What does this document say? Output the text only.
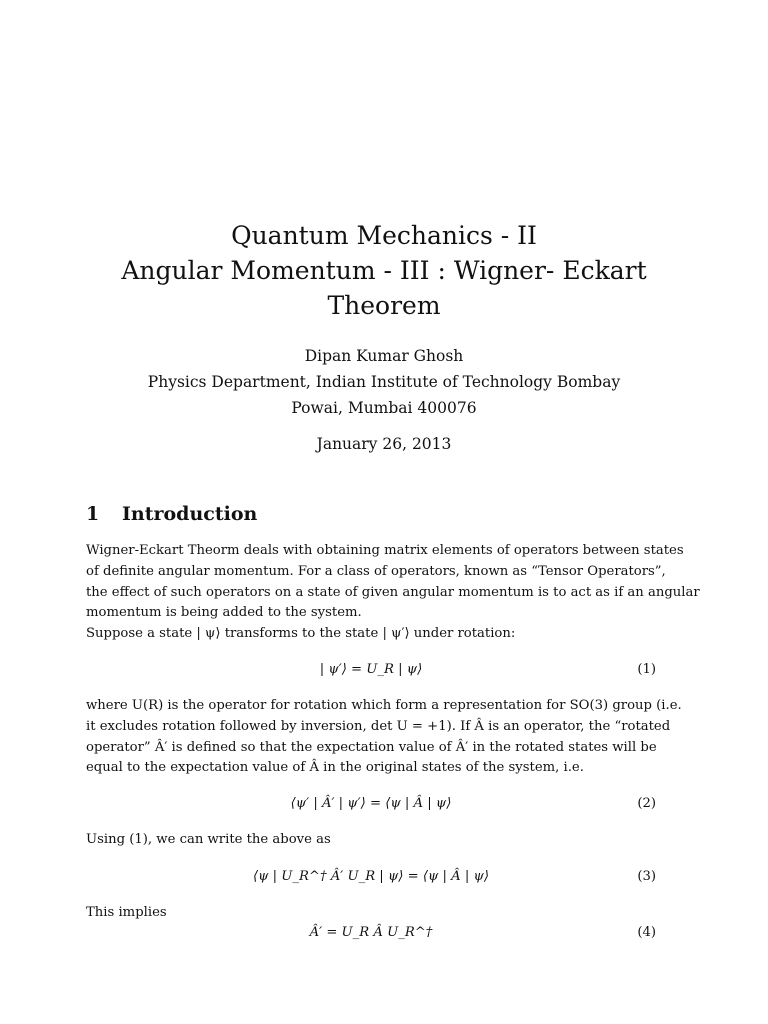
Quantum Mechanics - II
Angular Momentum - III : Wigner- Eckart
Theorem
Dipan Kumar Ghosh
Physics Department, Indian Institute of Technology Bombay
Powai, Mumbai 400076
January 26, 2013
1 Introduction
Wigner-Eckart Theorm deals with obtaining matrix elements of operators between states
of definite angular momentum. For a class of operators, known as “Tensor Operators”,
the effect of such operators on a state of given angular momentum is to act as if an angular
momentum is being added to the system.
Suppose a state | ψ⟩ transforms to the state | ψ′⟩ under rotation:
| ψ′⟩ = U_R | ψ⟩	(1)
where U(R) is the operator for rotation which form a representation for SO(3) group (i.e.
it excludes rotation followed by inversion, det U = +1). If Â is an operator, the “rotated
operator” Â′ is defined so that the expectation value of Â′ in the rotated states will be
equal to the expectation value of Â in the original states of the system, i.e.
⟨ψ′ | Â′ | ψ′⟩ = ⟨ψ | Â | ψ⟩	(2)
Using (1), we can write the above as
⟨ψ | U_R^† Â′ U_R | ψ⟩ = ⟨ψ | Â | ψ⟩	(3)
This implies
Â′ = U_R Â U_R^†	(4)
